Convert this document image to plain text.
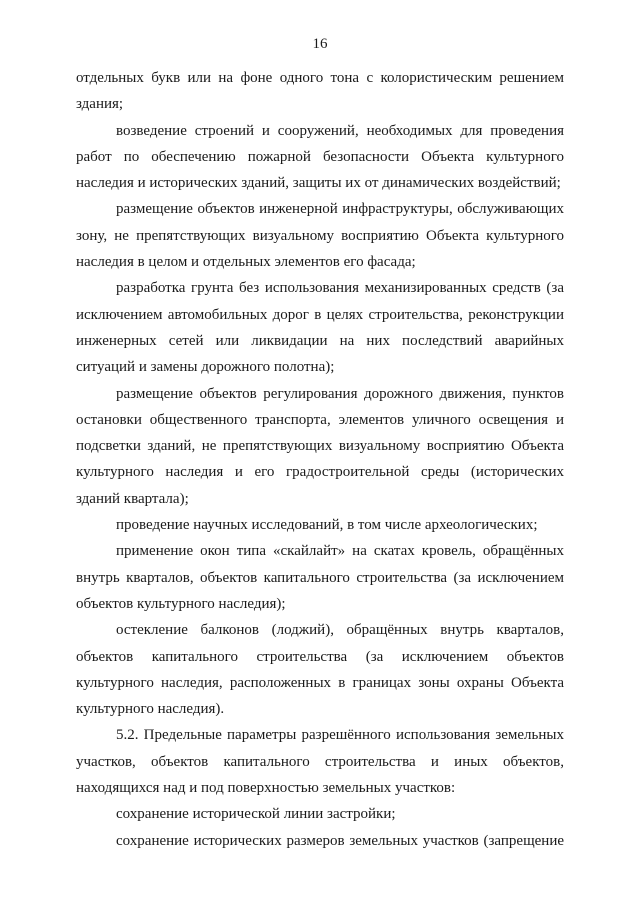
16

отдельных букв или на фоне одного тона с колористическим решением здания;

возведение строений и сооружений, необходимых для проведения работ по обеспечению пожарной безопасности Объекта культурного наследия и исторических зданий, защиты их от динамических воздействий;

размещение объектов инженерной инфраструктуры, обслуживающих зону, не препятствующих визуальному восприятию Объекта культурного наследия в целом и отдельных элементов его фасада;

разработка грунта без использования механизированных средств (за исключением автомобильных дорог в целях строительства, реконструкции инженерных сетей или ликвидации на них последствий аварийных ситуаций и замены дорожного полотна);

размещение объектов регулирования дорожного движения, пунктов остановки общественного транспорта, элементов уличного освещения и подсветки зданий, не препятствующих визуальному восприятию Объекта культурного наследия и его градостроительной среды (исторических зданий квартала);

проведение научных исследований, в том числе археологических;

применение окон типа «скайлайт» на скатах кровель, обращённых внутрь кварталов, объектов капитального строительства (за исключением объектов культурного наследия);

остекление балконов (лоджий), обращённых внутрь кварталов, объектов капитального строительства (за исключением объектов культурного наследия, расположенных в границах зоны охраны Объекта культурного наследия).

5.2. Предельные параметры разрешённого использования земельных участков, объектов капитального строительства и иных объектов, находящихся над и под поверхностью земельных участков:

сохранение исторической линии застройки;

сохранение исторических размеров земельных участков (запрещение
